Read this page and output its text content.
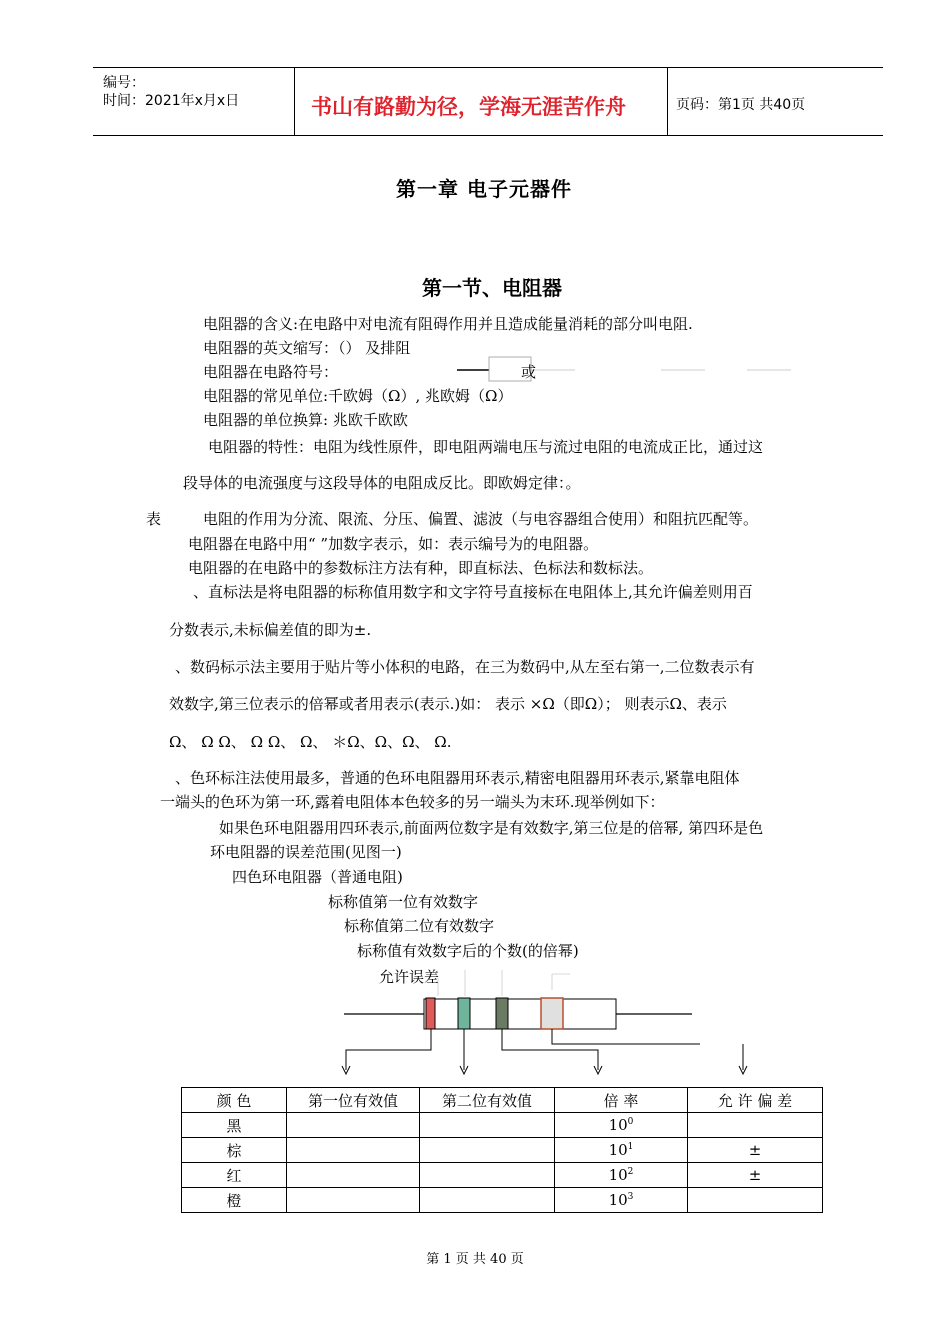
编号：
时间：2021年x月x日	书山有路勤为径，学海无涯苦作舟	页码：第1页 共40页
第一章 电子元器件
第一节、电阻器
电阻器的含义:在电路中对电流有阻碍作用并且造成能量消耗的部分叫电阻.
电阻器的英文缩写：（） 及排阻
电阻器在电路符号：	或
电阻器的常见单位:千欧姆（Ω）, 兆欧姆（Ω）
电阻器的单位换算: 兆欧千欧欧
电阻器的特性：电阻为线性原件，即电阻两端电压与流过电阻的电流成正比，通过这
段导体的电流强度与这段导体的电阻成反比。即欧姆定律：。
表	电阻的作用为分流、限流、分压、偏置、滤波（与电容器组合使用）和阻抗匹配等。
电阻器在电路中用“ ”加数字表示，如：表示编号为的电阻器。
电阻器的在电路中的参数标注方法有种，即直标法、色标法和数标法。
、直标法是将电阻器的标称值用数字和文字符号直接标在电阻体上,其允许偏差则用百
分数表示,未标偏差值的即为±.
、数码标示法主要用于贴片等小体积的电路，在三为数码中,从左至右第一,二位数表示有
效数字,第三位表示的倍幂或者用表示(表示.)如： 表示 ×Ω（即Ω）； 则表示Ω、表示
Ω、 Ω Ω、 Ω Ω、 Ω、 ＊Ω、Ω、Ω、 Ω.
、色环标注法使用最多，普通的色环电阻器用环表示,精密电阻器用环表示,紧靠电阻体
一端头的色环为第一环,露着电阻体本色较多的另一端头为末环.现举例如下：
如果色环电阻器用四环表示,前面两位数字是有效数字,第三位是的倍幂, 第四环是色
环电阻器的误差范围(见图一)
四色环电阻器（普通电阻)
标称值第一位有效数字
标称值第二位有效数字
标称值有效数字后的个数(的倍幂)
允许误差
颜 色	第一位有效值	第二位有效值	倍 率	允 许 偏 差
黑			$10^0$	
棕			$10^1$	±
红			$10^2$	±
橙			$10^3$	
第 1 页 共 40 页
